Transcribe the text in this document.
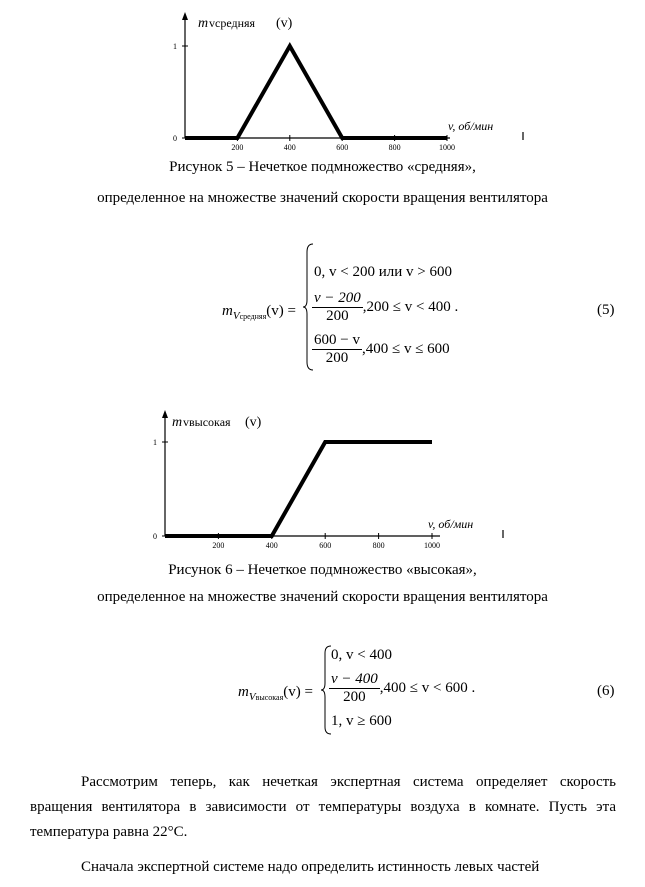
m vсредняя (v)
v, об/мин
200	400	600	800	1000
0
1
Рисунок 5 – Нечеткое подмножество «средняя»,
определенное на множестве значений скорости вращения вентилятора
$m_{Vсредняя}(v)$ =
0, v < 200 или v > 600
$\frac{v - 200}{200} ,200 \le v < 400$ .
$\frac{600 - v}{200} ,400 \le v \le 600$
(5)
m vвысокая (v)
v, об/мин
200	400	600	800	1000
0
1
Рисунок 6 – Нечеткое подмножество «высокая»,
определенное на множестве значений скорости вращения вентилятора
$m_{Vвысокая}(v)$ =
0, v < 400
$\frac{v - 400}{200} ,400 \le v < 600$ .
1, v ≥ 600
(6)
Рассмотрим теперь, как нечеткая экспертная система определяет скорость вращения вентилятора в зависимости от температуры воздуха в комнате. Пусть эта температура равна 22°С.
Сначала экспертной системе надо определить истинность левых частей
